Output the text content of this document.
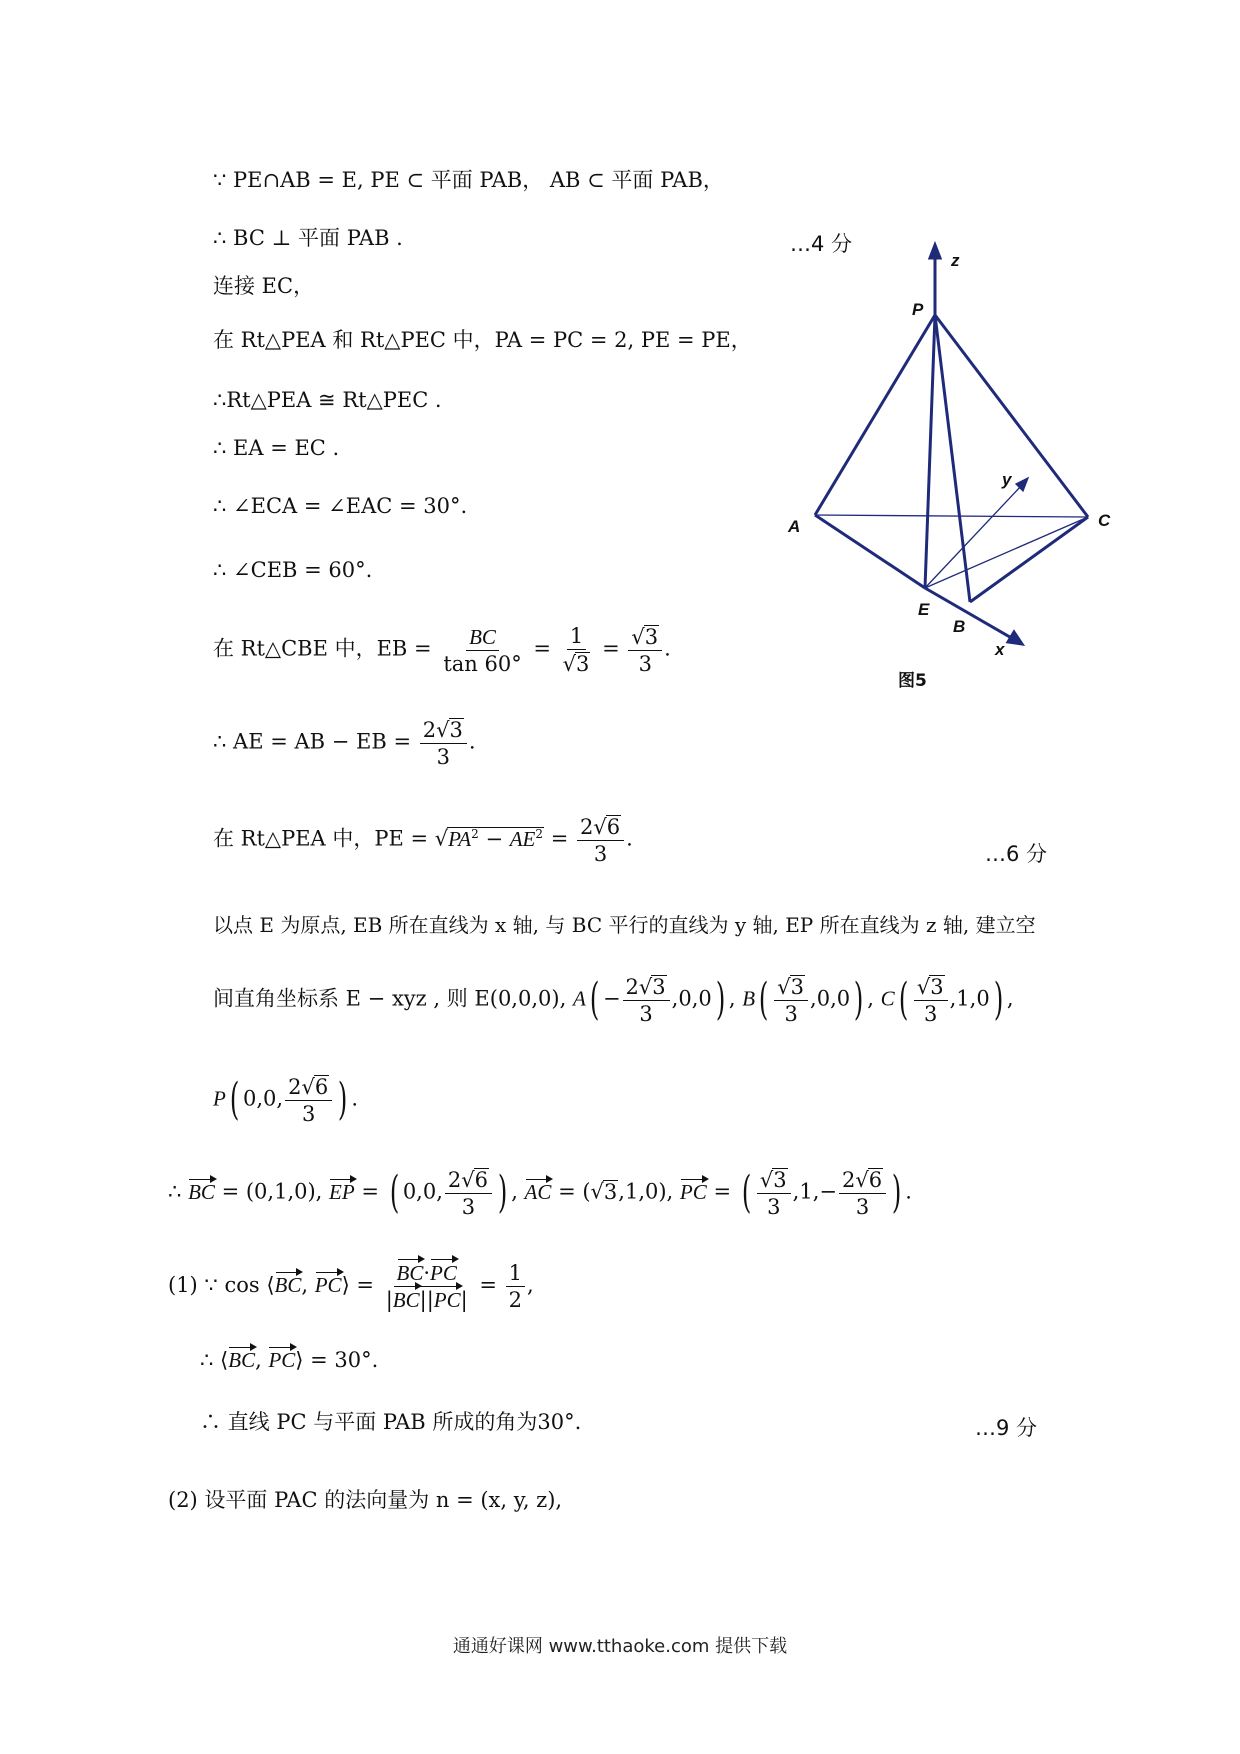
∵ PE∩AB = E, PE ⊂ 平面 PAB， AB ⊂ 平面 PAB，
∴ BC ⊥ 平面 PAB .	…4 分
连接 EC，
在 Rt△PEA 和 Rt△PEC 中，PA = PC = 2, PE = PE，
∴Rt△PEA ≅ Rt△PEC .
∴ EA = EC .
∴ ∠ECA = ∠EAC = 30°.
∴ ∠CEB = 60°.
在 Rt△CBE 中，EB = $\frac{BC}{\tan 60^\circ} = \frac{1}{√3} = \frac{√3}{3}$ .
∴ AE = AB − EB = $\frac{2√3}{3}$ .
在 Rt△PEA 中，PE = $√PA^2 - AE^2 = \frac{2√6}{3}$ .
…6 分
以点 E 为原点, EB 所在直线为 x 轴, 与 BC 平行的直线为 y 轴, EP 所在直线为 z 轴, 建立空
间直角坐标系 E − xyz , 则 E(0,0,0), $A( - \frac{2√3}{3} ,0,0)$ , $B( \frac{√3}{3} ,0,0)$ , $C( \frac{√3}{3} ,1,0)$ ,
P( 0,0, $\frac{2√6}{3}$ ) .
∴ BC = (0,1,0), EP = ( 0,0, $\frac{2√6}{3}$ ) , AC = (√3,1,0), PC = ( $\frac{√3}{3} ,1,- \frac{2√6}{3}$ ) .
(1) ∵ cos ⟨BC, PC⟩ = $\frac{BC\cdot PC}{|BC||PC|} = \frac{1}{2}$ ,
∴ ⟨BC, PC⟩ = 30°.
∴ 直线 PC 与平面 PAB 所成的角为30°.	…9 分
(2) 设平面 PAC 的法向量为 n = (x, y, z),
z
P
y
A	C
E
B
x
图5
通通好课网 www.tthaoke.com 提供下载
